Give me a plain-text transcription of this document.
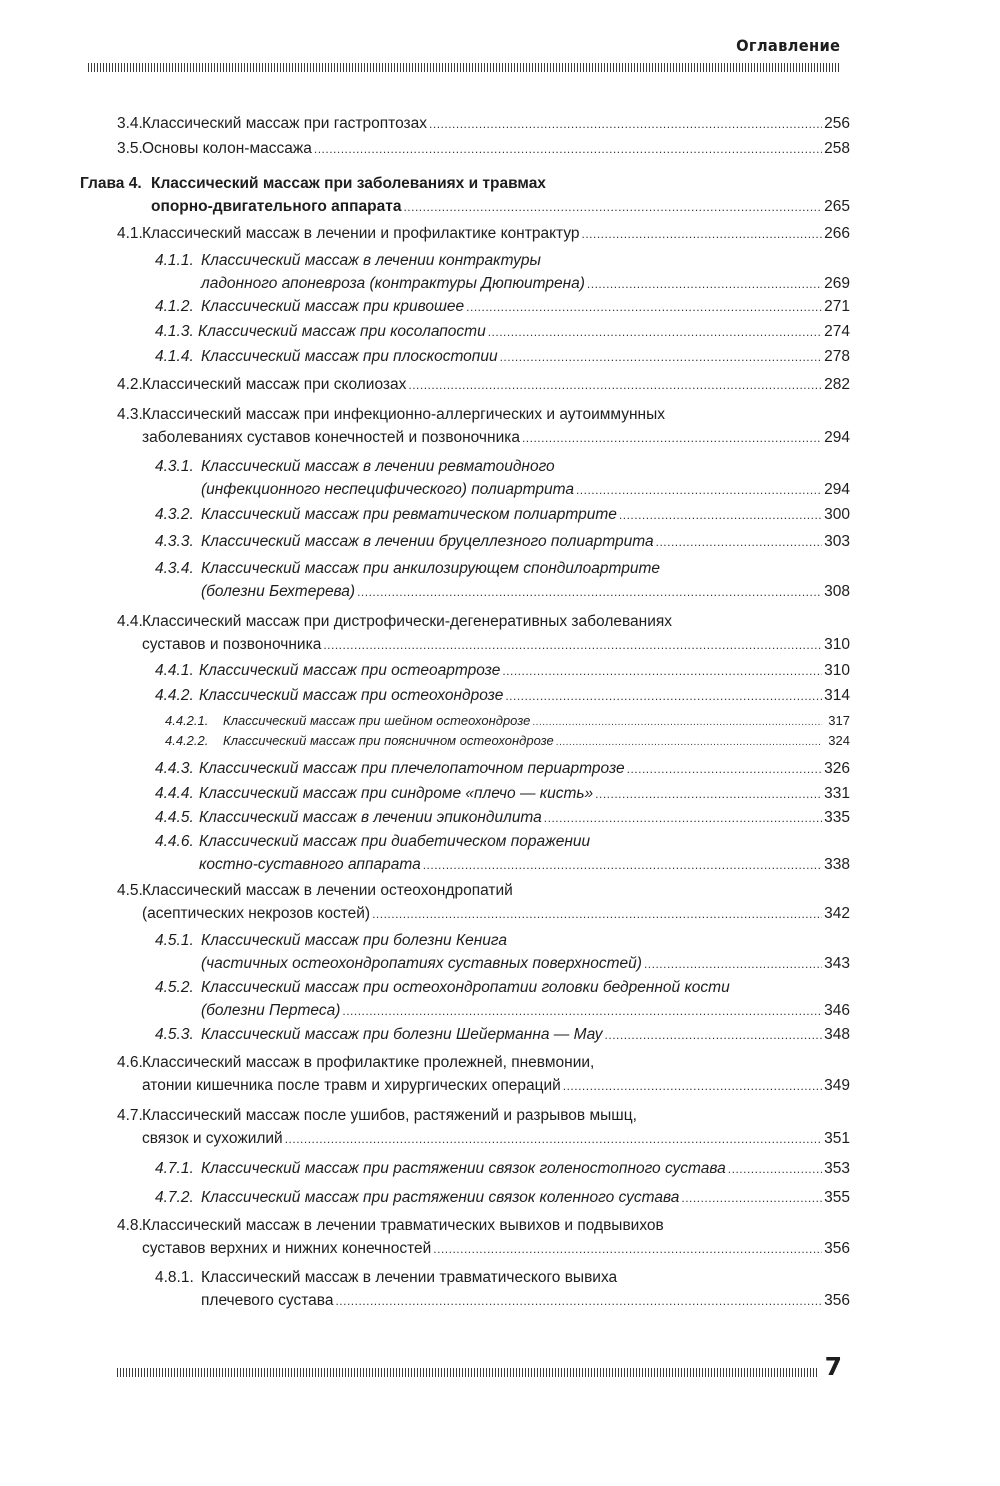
Оглавление
3.4. Классический массаж при гастроптозах .....	256
3.5. Основы колон-массажа .....	258
Глава 4. Классический массаж при заболеваниях и травмах
опорно-двигательного аппарата .....	265
4.1. Классический массаж в лечении и профилактике контрактур .....	266
4.1.1. Классический массаж в лечении контрактуры
ладонного апоневроза (контрактуры Дюпюитрена) .....	269
4.1.2. Классический массаж при кривошее .....	271
4.1.3. Классический массаж при косолапости .....	274
4.1.4. Классический массаж при плоскостопии .....	278
4.2. Классический массаж при сколиозах .....	282
4.3. Классический массаж при инфекционно-аллергических и аутоиммунных
заболеваниях суставов конечностей и позвоночника .....	294
4.3.1. Классический массаж в лечении ревматоидного
(инфекционного неспецифического) полиартрита .....	294
4.3.2. Классический массаж при ревматическом полиартрите .....	300
4.3.3. Классический массаж в лечении бруцеллезного полиартрита .....	303
4.3.4. Классический массаж при анкилозирующем спондилоартрите
(болезни Бехтерева) .....	308
4.4. Классический массаж при дистрофически-дегенеративных заболеваниях
суставов и позвоночника .....	310
4.4.1. Классический массаж при остеоартрозе .....	310
4.4.2. Классический массаж при остеохондрозе .....	314
4.4.2.1.	Классический массаж при шейном остеохондрозе .....	317
4.4.2.2.	Классический массаж при поясничном остеохондрозе .....	324
4.4.3. Классический массаж при плечелопаточном периартрозе .....	326
4.4.4. Классический массаж при синдроме «плечо — кисть» .....	331
4.4.5. Классический массаж в лечении эпикондилита .....	335
4.4.6. Классический массаж при диабетическом поражении
костно-суставного аппарата .....	338
4.5. Классический массаж в лечении остеохондропатий
(асептических некрозов костей) .....	342
4.5.1. Классический массаж при болезни Кенига
(частичных остеохондропатиях суставных поверхностей) .....	343
4.5.2. Классический массаж при остеохондропатии головки бедренной кости
(болезни Пертеса) .....	346
4.5.3. Классический массаж при болезни Шейерманна — Мау .....	348
4.6. Классический массаж в профилактике пролежней, пневмонии,
атонии кишечника после травм и хирургических операций .....	349
4.7. Классический массаж после ушибов, растяжений и разрывов мышц,
связок и сухожилий .....	351
4.7.1. Классический массаж при растяжении связок голеностопного сустава .....	353
4.7.2. Классический массаж при растяжении связок коленного сустава .....	355
4.8. Классический массаж в лечении травматических вывихов и подвывихов
суставов верхних и нижних конечностей .....	356
4.8.1. Классический массаж в лечении травматического вывиха
плечевого сустава .....	356
7
